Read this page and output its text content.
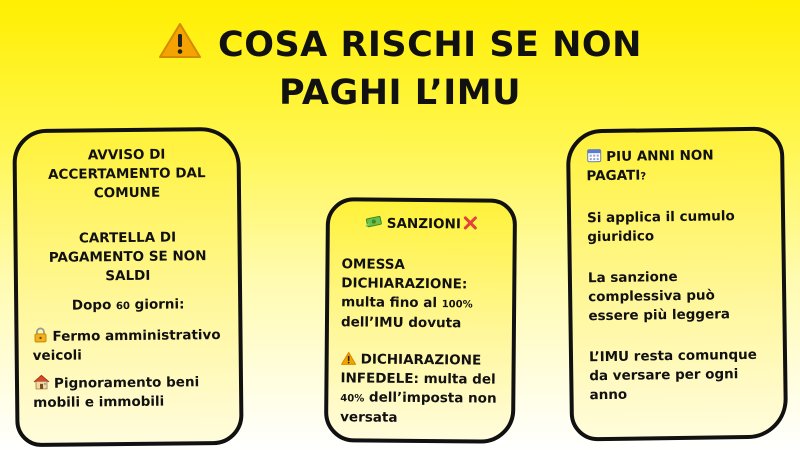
COSA RISCHI SE NON
PAGHI L’IMU

AVVISO DI ACCERTAMENTO DAL COMUNE

CARTELLA DI PAGAMENTO SE NON SALDI

Dopo 60 giorni:

Fermo amministrativo veicoli

Pignoramento beni mobili e immobili

SANZIONI

OMESSA DICHIARAZIONE: multa fino al 100% dell’IMU dovuta

DICHIARAZIONE INFEDELE: multa del 40% dell’imposta non versata

PIU ANNI NON PAGATI?

Si applica il cumulo giuridico

La sanzione complessiva può essere più leggera

L’IMU resta comunque da versare per ogni anno
